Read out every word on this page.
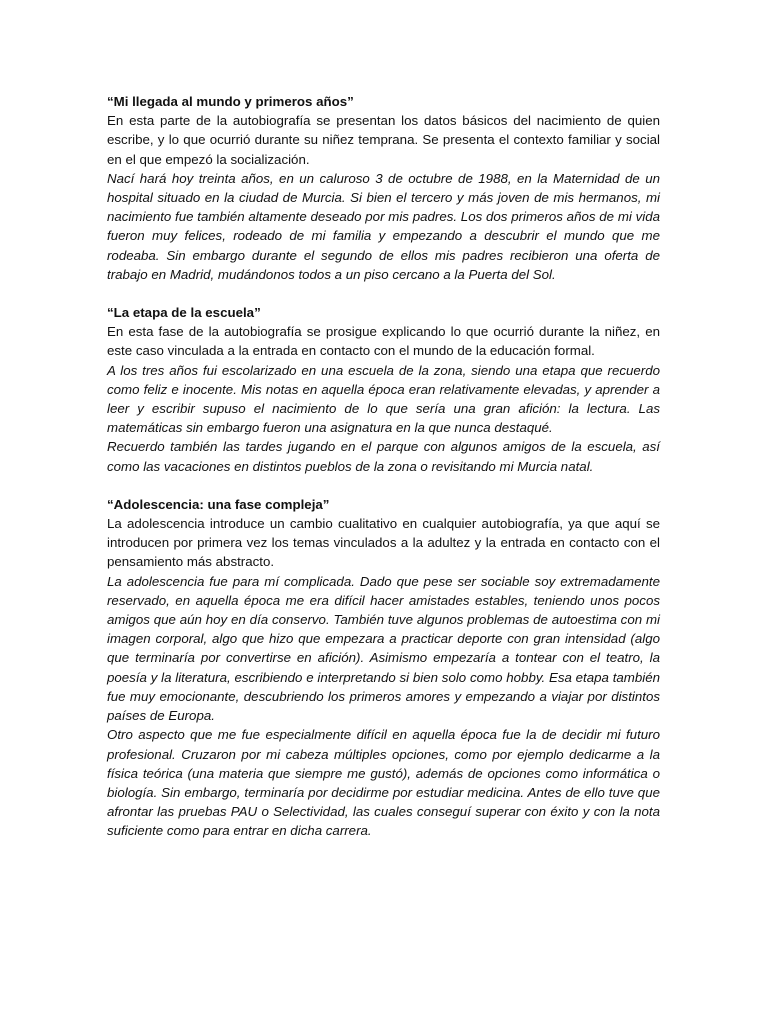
“Mi llegada al mundo y primeros años”

En esta parte de la autobiografía se presentan los datos básicos del nacimiento de quien escribe, y lo que ocurrió durante su niñez temprana. Se presenta el contexto familiar y social en el que empezó la socialización.

Nací hará hoy treinta años, en un caluroso 3 de octubre de 1988, en la Maternidad de un hospital situado en la ciudad de Murcia. Si bien el tercero y más joven de mis hermanos, mi nacimiento fue también altamente deseado por mis padres. Los dos primeros años de mi vida fueron muy felices, rodeado de mi familia y empezando a descubrir el mundo que me rodeaba. Sin embargo durante el segundo de ellos mis padres recibieron una oferta de trabajo en Madrid, mudándonos todos a un piso cercano a la Puerta del Sol.

“La etapa de la escuela”

En esta fase de la autobiografía se prosigue explicando lo que ocurrió durante la niñez, en este caso vinculada a la entrada en contacto con el mundo de la educación formal.

A los tres años fui escolarizado en una escuela de la zona, siendo una etapa que recuerdo como feliz e inocente. Mis notas en aquella época eran relativamente elevadas, y aprender a leer y escribir supuso el nacimiento de lo que sería una gran afición: la lectura. Las matemáticas sin embargo fueron una asignatura en la que nunca destaqué.

Recuerdo también las tardes jugando en el parque con algunos amigos de la escuela, así como las vacaciones en distintos pueblos de la zona o revisitando mi Murcia natal.

“Adolescencia: una fase compleja”

La adolescencia introduce un cambio cualitativo en cualquier autobiografía, ya que aquí se introducen por primera vez los temas vinculados a la adultez y la entrada en contacto con el pensamiento más abstracto.

La adolescencia fue para mí complicada. Dado que pese ser sociable soy extremadamente reservado, en aquella época me era difícil hacer amistades estables, teniendo unos pocos amigos que aún hoy en día conservo. También tuve algunos problemas de autoestima con mi imagen corporal, algo que hizo que empezara a practicar deporte con gran intensidad (algo que terminaría por convertirse en afición). Asimismo empezaría a tontear con el teatro, la poesía y la literatura, escribiendo e interpretando si bien solo como hobby. Esa etapa también fue muy emocionante, descubriendo los primeros amores y empezando a viajar por distintos países de Europa.

Otro aspecto que me fue especialmente difícil en aquella época fue la de decidir mi futuro profesional. Cruzaron por mi cabeza múltiples opciones, como por ejemplo dedicarme a la física teórica (una materia que siempre me gustó), además de opciones como informática o biología. Sin embargo, terminaría por decidirme por estudiar medicina. Antes de ello tuve que afrontar las pruebas PAU o Selectividad, las cuales conseguí superar con éxito y con la nota suficiente como para entrar en dicha carrera.
